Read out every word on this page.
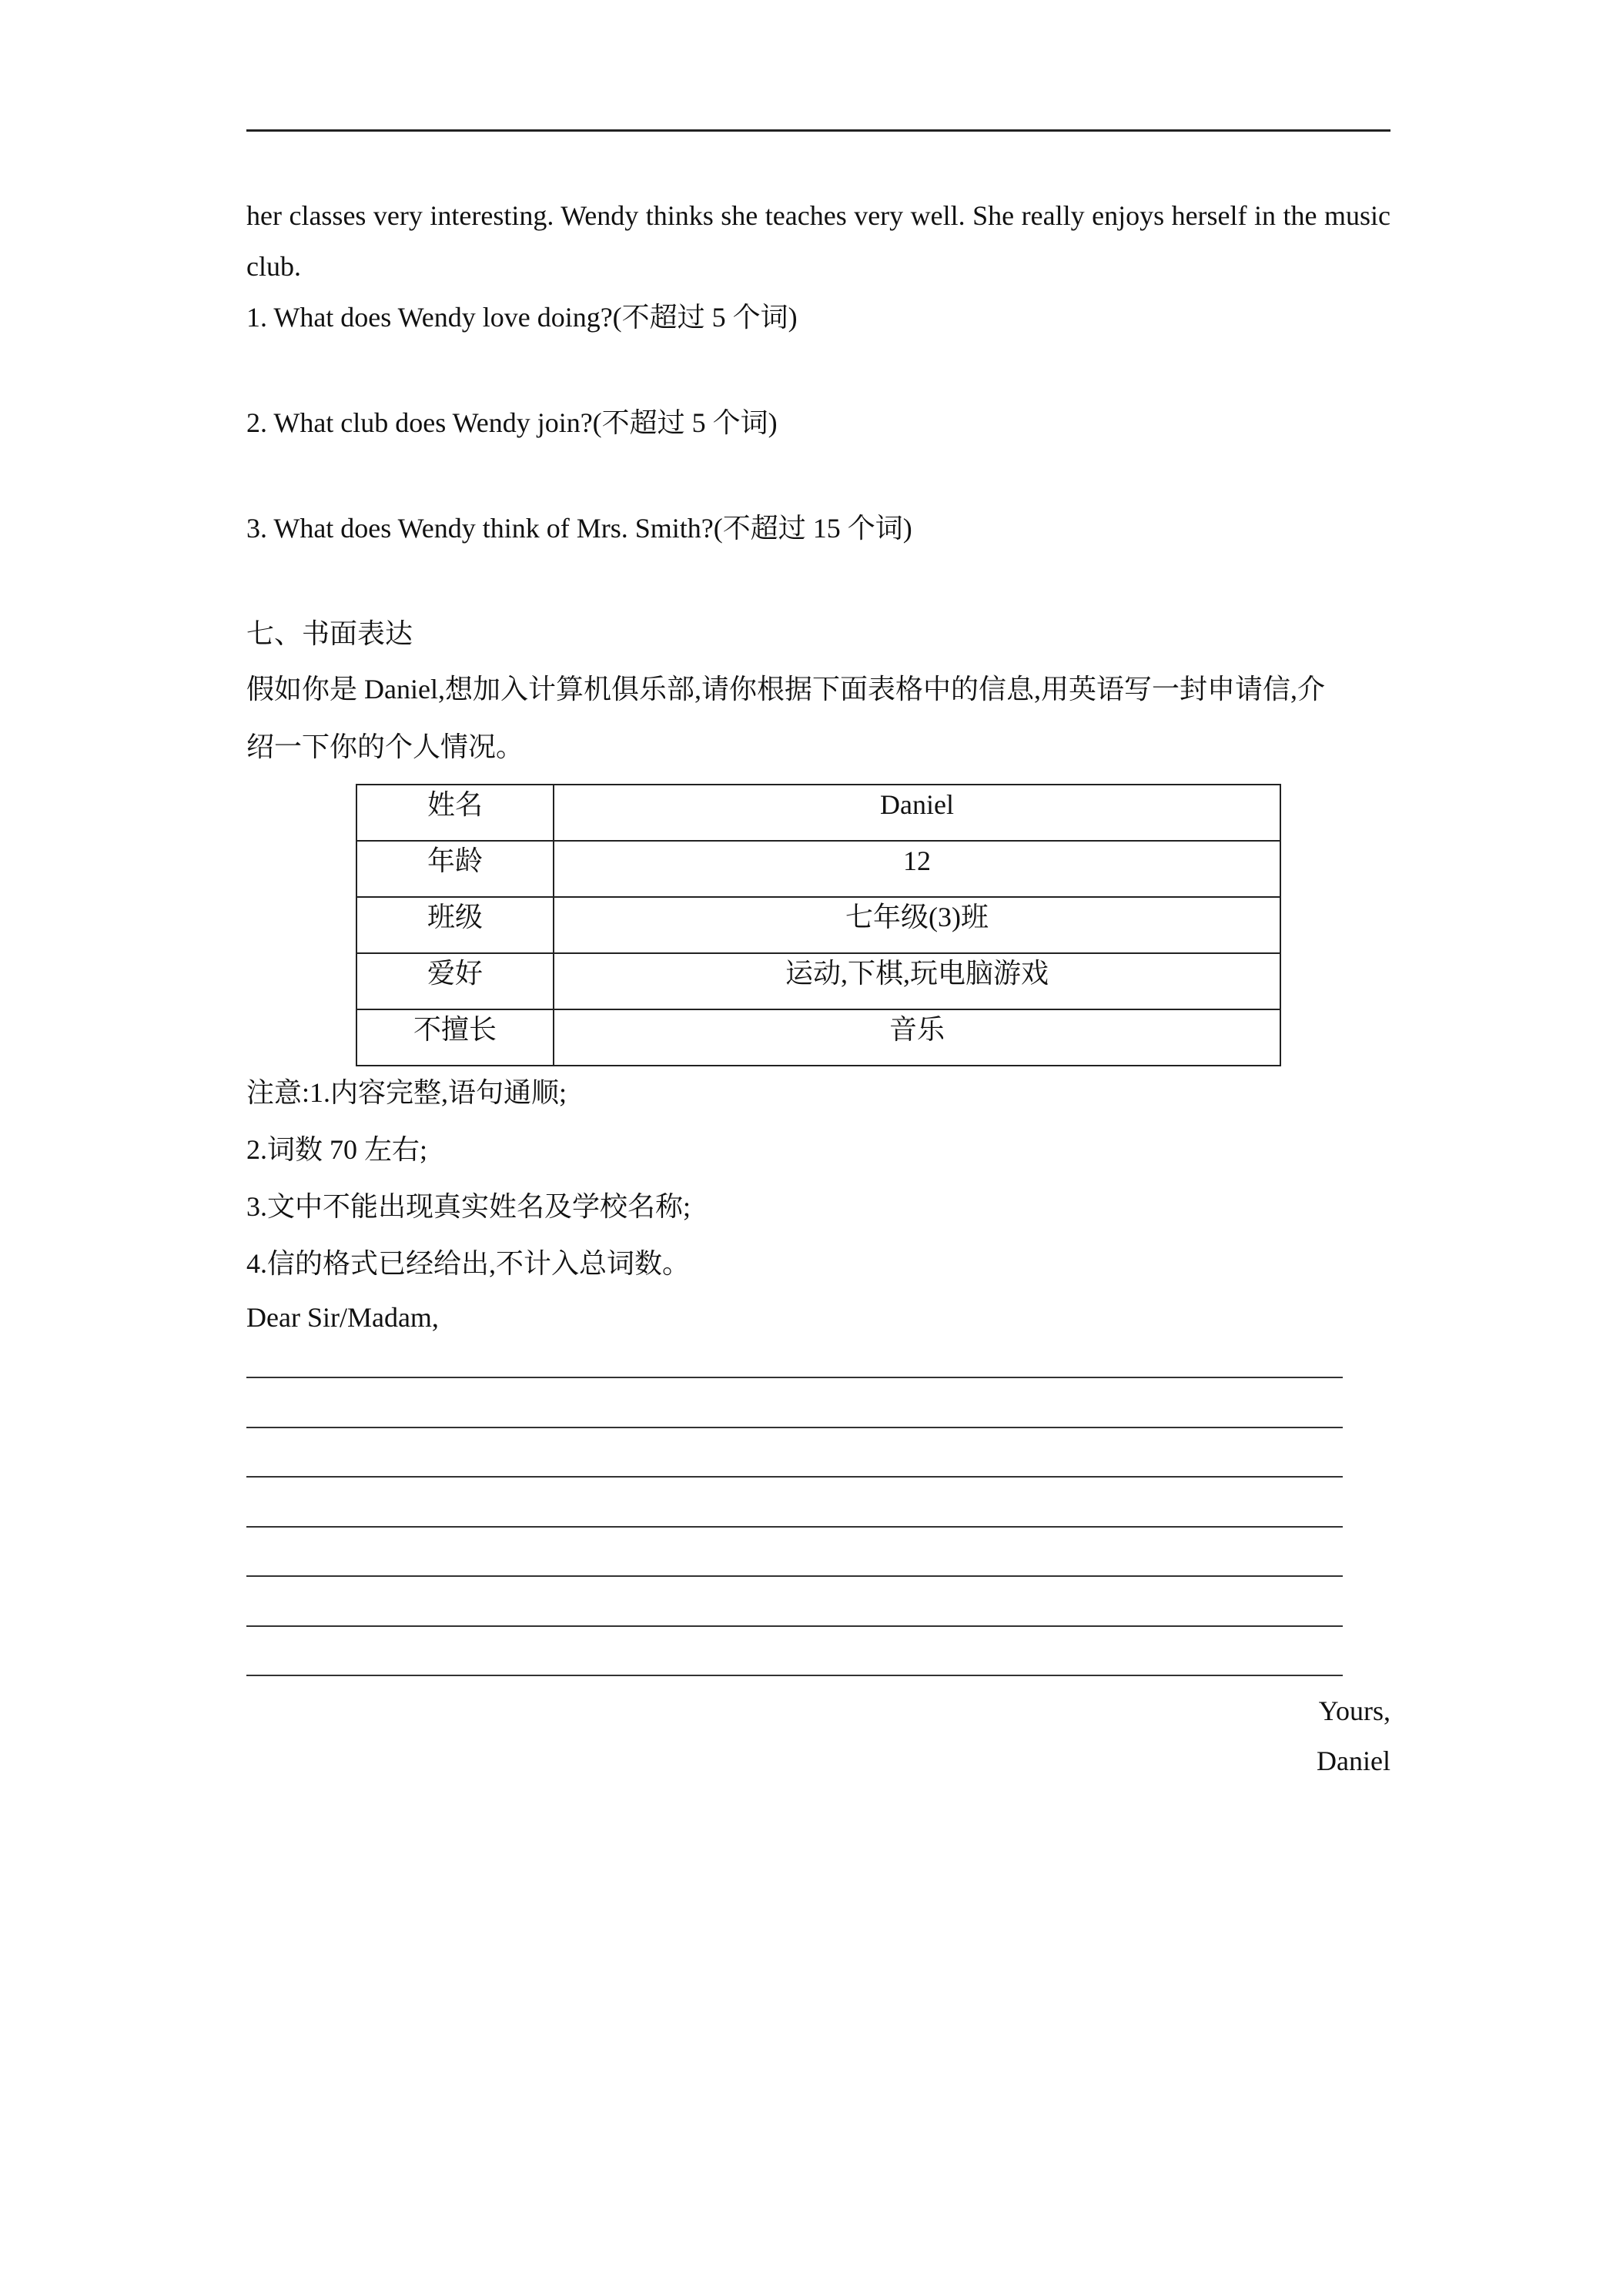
her classes very interesting. Wendy thinks she teaches very well. She really enjoys herself in the music club.
1. What does Wendy love doing?(不超过 5 个词)
2. What club does Wendy join?(不超过 5 个词)
3. What does Wendy think of Mrs. Smith?(不超过 15 个词)
七、书面表达
假如你是 Daniel,想加入计算机俱乐部,请你根据下面表格中的信息,用英语写一封申请信,介
绍一下你的个人情况。
姓名	Daniel
年龄	12
班级	七年级(3)班
爱好	运动,下棋,玩电脑游戏
不擅长	音乐
注意:1.内容完整,语句通顺;
2.词数 70 左右;
3.文中不能出现真实姓名及学校名称;
4.信的格式已经给出,不计入总词数。
Dear Sir/Madam,
Yours,
Daniel
